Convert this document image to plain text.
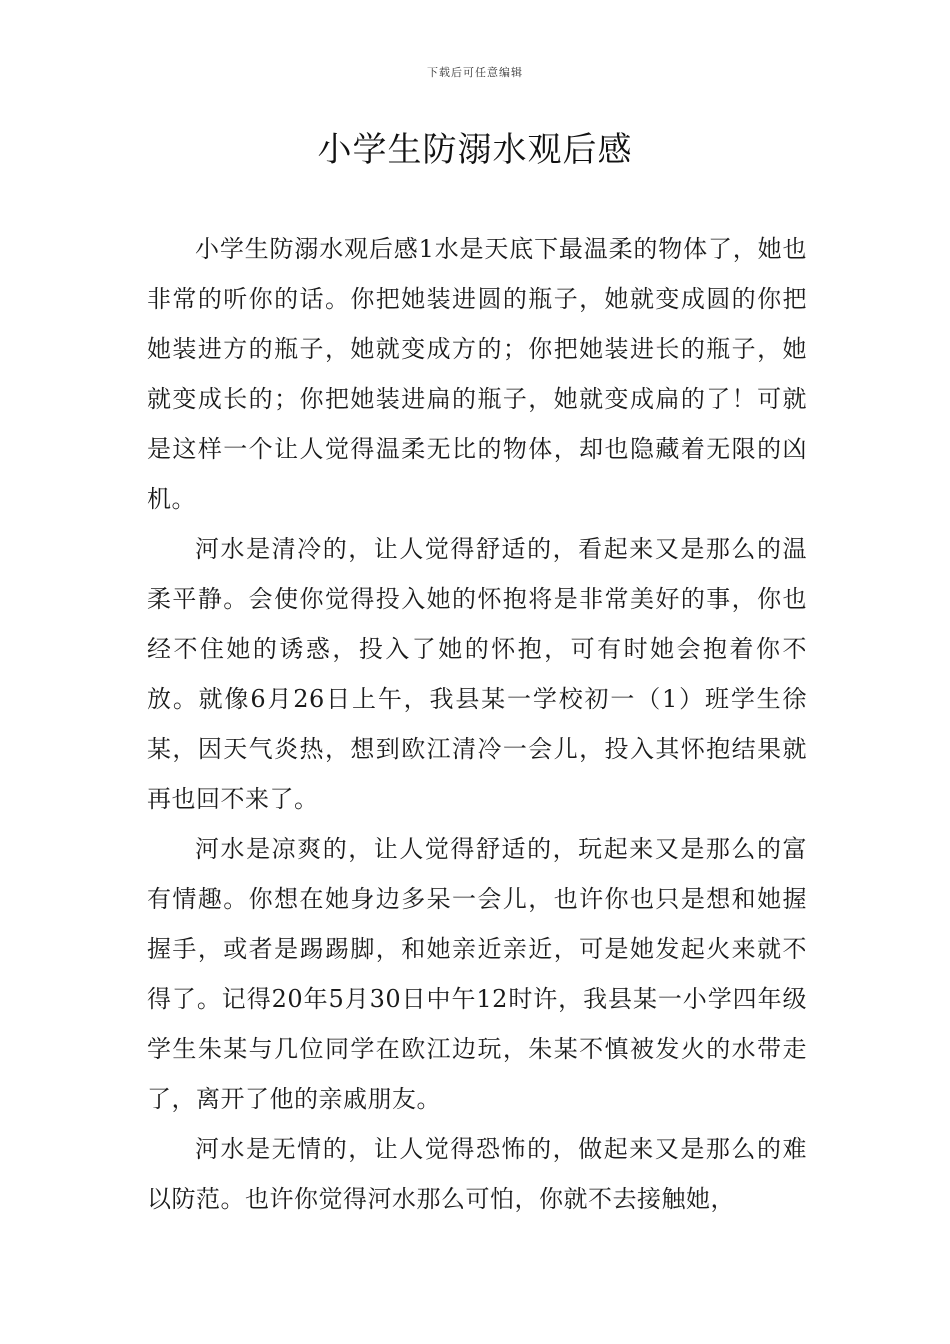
下载后可任意编辑
小学生防溺水观后感

小学生防溺水观后感1水是天底下最温柔的物体了，她也非常的听你的话。你把她装进圆的瓶子，她就变成圆的你把她装进方的瓶子，她就变成方的；你把她装进长的瓶子，她就变成长的；你把她装进扁的瓶子，她就变成扁的了！可就是这样一个让人觉得温柔无比的物体，却也隐藏着无限的凶机。

河水是清冷的，让人觉得舒适的，看起来又是那么的温柔平静。会使你觉得投入她的怀抱将是非常美好的事，你也经不住她的诱惑，投入了她的怀抱，可有时她会抱着你不放。就像6月26日上午，我县某一学校初一（1）班学生徐某，因天气炎热，想到欧江清冷一会儿，投入其怀抱结果就再也回不来了。

河水是凉爽的，让人觉得舒适的，玩起来又是那么的富有情趣。你想在她身边多呆一会儿，也许你也只是想和她握握手，或者是踢踢脚，和她亲近亲近，可是她发起火来就不得了。记得20年5月30日中午12时许，我县某一小学四年级学生朱某与几位同学在欧江边玩，朱某不慎被发火的水带走了，离开了他的亲戚朋友。

河水是无情的，让人觉得恐怖的，做起来又是那么的难以防范。也许你觉得河水那么可怕，你就不去接触她，
